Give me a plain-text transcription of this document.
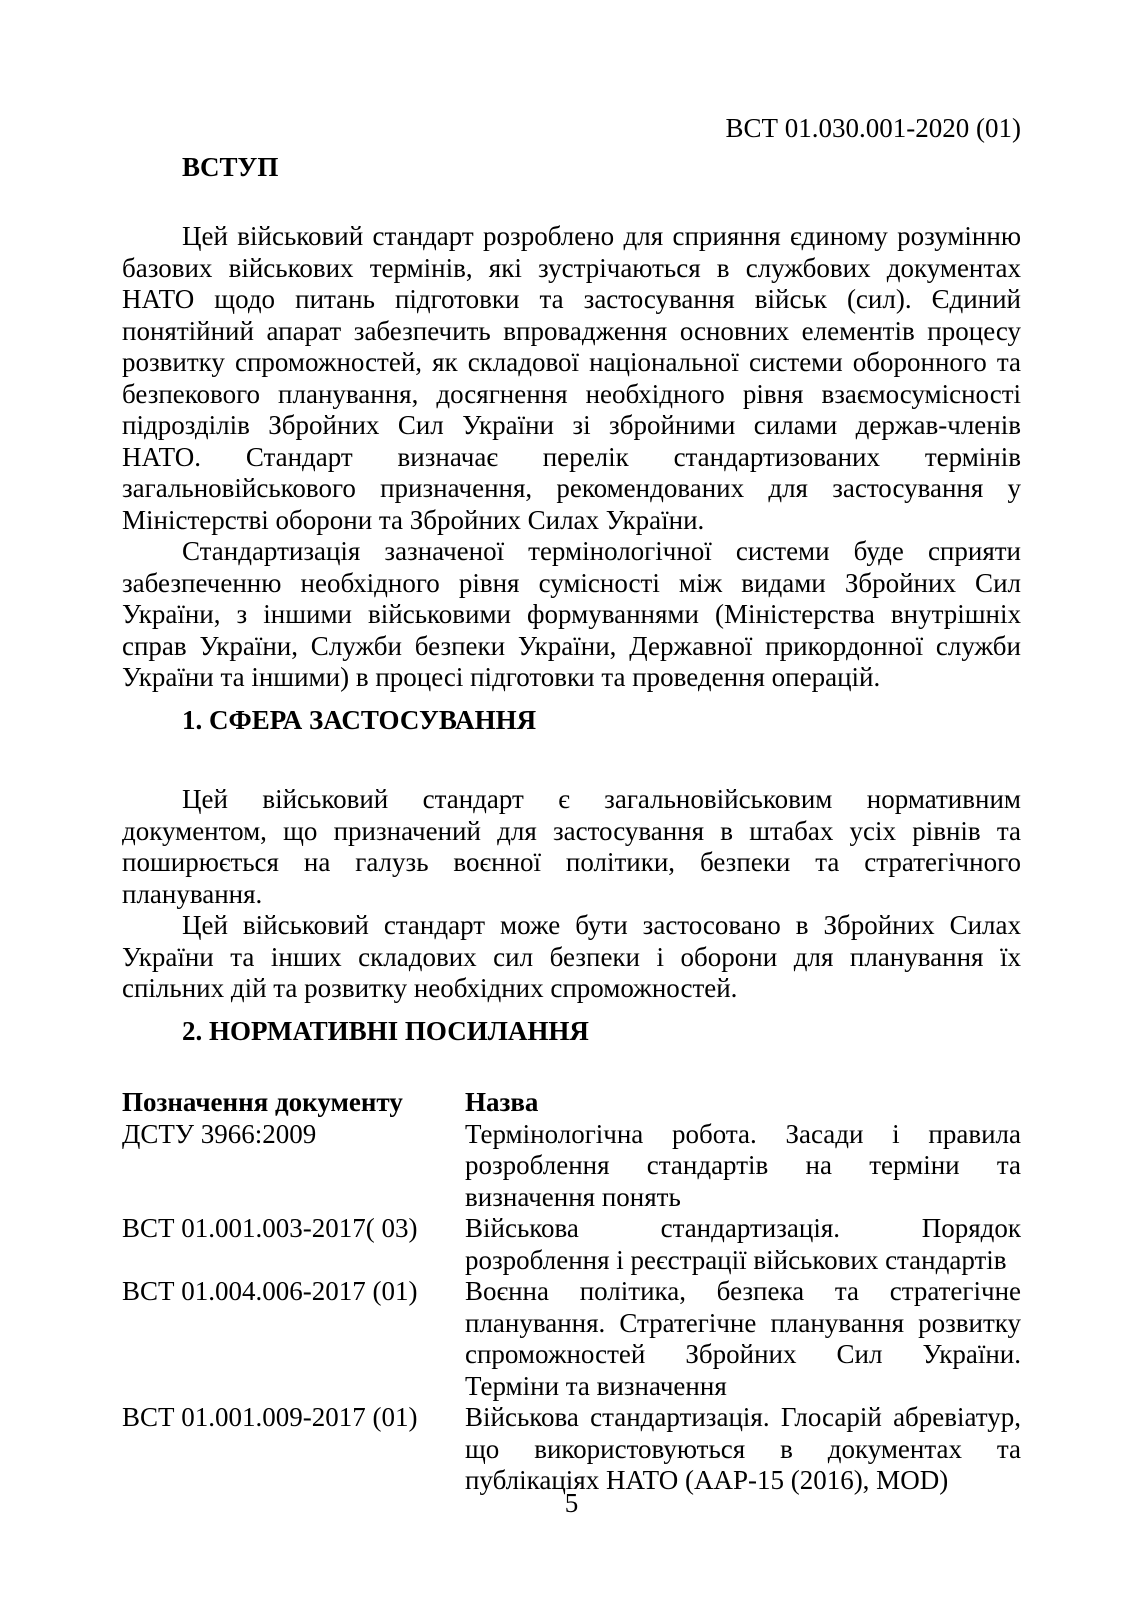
ВСТ 01.030.001-2020 (01)
ВСТУП

Цей військовий стандарт розроблено для сприяння єдиному розумінню базових військових термінів, які зустрічаються в службових документах НАТО щодо питань підготовки та застосування військ (сил). Єдиний понятійний апарат забезпечить впровадження основних елементів процесу розвитку спроможностей, як складової національної системи оборонного та безпекового планування, досягнення необхідного рівня взаємосумісності підрозділів Збройних Сил України зі збройними силами держав-членів НАТО. Стандарт визначає перелік стандартизованих термінів загальновійськового призначення, рекомендованих для застосування у Міністерстві оборони та Збройних Силах України.

Стандартизація зазначеної термінологічної системи буде сприяти забезпеченню необхідного рівня сумісності між видами Збройних Сил України, з іншими військовими формуваннями (Міністерства внутрішніх справ України, Служби безпеки України, Державної прикордонної служби України та іншими) в процесі підготовки та проведення операцій.

1. СФЕРА ЗАСТОСУВАННЯ

Цей військовий стандарт є загальновійськовим нормативним документом, що призначений для застосування в штабах усіх рівнів та поширюється на галузь воєнної політики, безпеки та стратегічного планування.

Цей військовий стандарт може бути застосовано в Збройних Силах України та інших складових сил безпеки і оборони для планування їх спільних дій та розвитку необхідних спроможностей.

2. НОРМАТИВНІ ПОСИЛАННЯ
Позначення документу	Назва
ДСТУ 3966:2009	Термінологічна робота. Засади і правила розроблення стандартів на терміни та визначення понять
ВСТ 01.001.003-2017( 03)	Військова стандартизація. Порядок розроблення і реєстрації військових стандартів
ВСТ 01.004.006-2017 (01)	Воєнна політика, безпека та стратегічне планування. Стратегічне планування розвитку спроможностей Збройних Сил України. Терміни та визначення
ВСТ 01.001.009-2017 (01)	Військова стандартизація. Глосарій абревіатур, що використовуються в документах та публікаціях НАТО (AAP-15 (2016), MOD)
5
